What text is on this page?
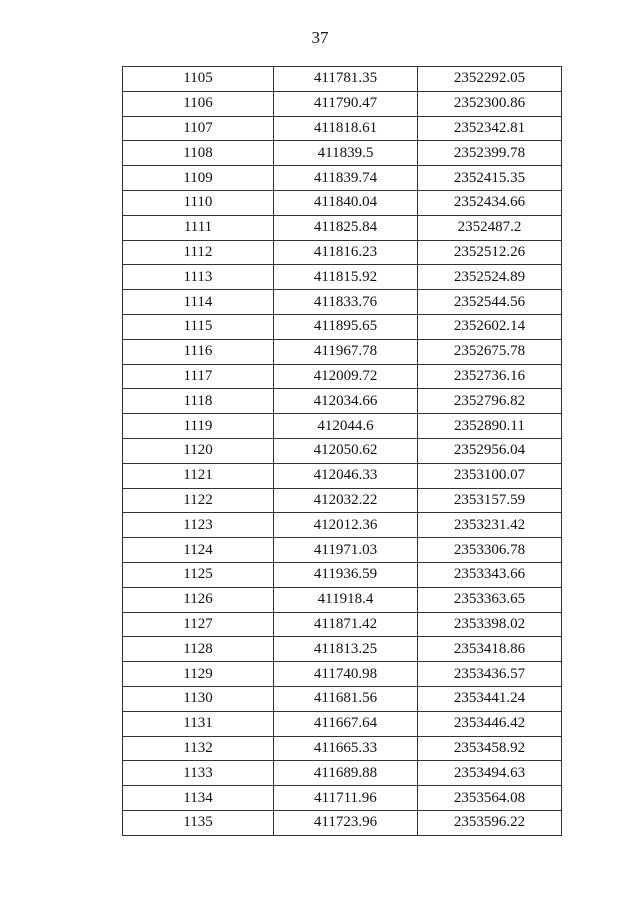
37
1105	411781.35	2352292.05
1106	411790.47	2352300.86
1107	411818.61	2352342.81
1108	411839.5	2352399.78
1109	411839.74	2352415.35
1110	411840.04	2352434.66
1111	411825.84	2352487.2
1112	411816.23	2352512.26
1113	411815.92	2352524.89
1114	411833.76	2352544.56
1115	411895.65	2352602.14
1116	411967.78	2352675.78
1117	412009.72	2352736.16
1118	412034.66	2352796.82
1119	412044.6	2352890.11
1120	412050.62	2352956.04
1121	412046.33	2353100.07
1122	412032.22	2353157.59
1123	412012.36	2353231.42
1124	411971.03	2353306.78
1125	411936.59	2353343.66
1126	411918.4	2353363.65
1127	411871.42	2353398.02
1128	411813.25	2353418.86
1129	411740.98	2353436.57
1130	411681.56	2353441.24
1131	411667.64	2353446.42
1132	411665.33	2353458.92
1133	411689.88	2353494.63
1134	411711.96	2353564.08
1135	411723.96	2353596.22
